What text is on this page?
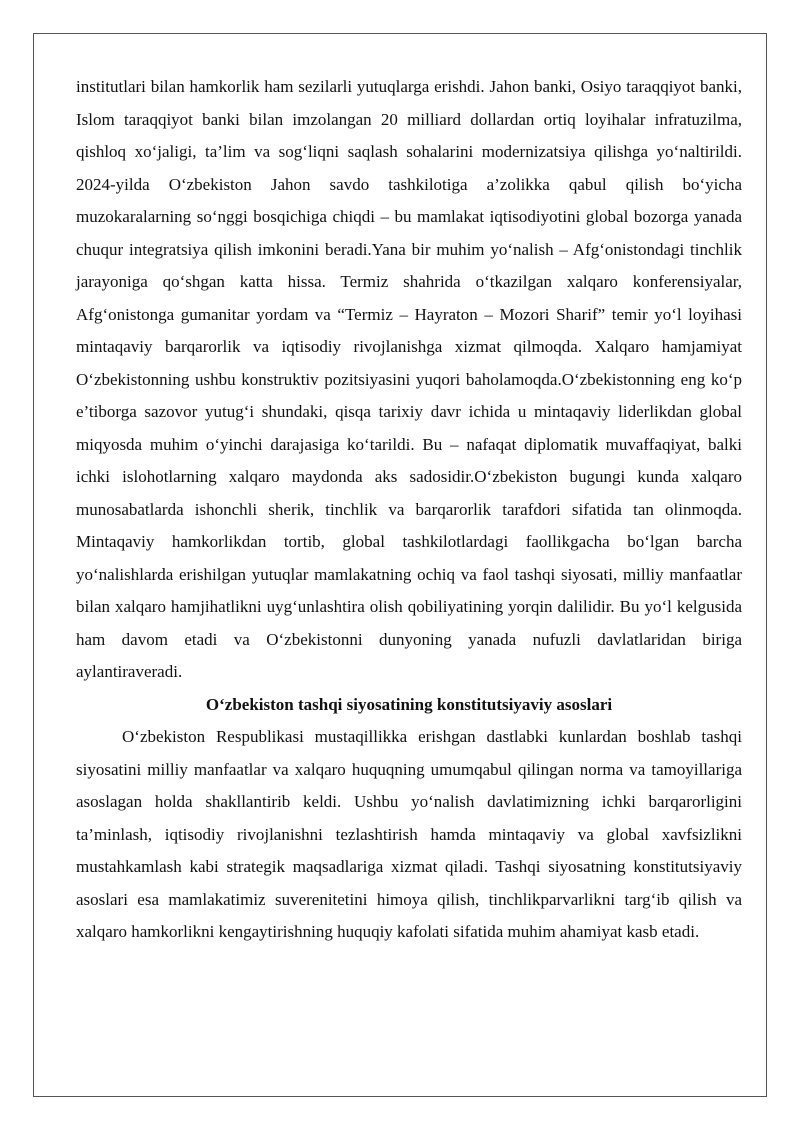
institutlari bilan hamkorlik ham sezilarli yutuqlarga erishdi. Jahon banki, Osiyo taraqqiyot banki, Islom taraqqiyot banki bilan imzolangan 20 milliard dollardan ortiq loyihalar infratuzilma, qishloq xo‘jaligi, ta’lim va sog‘liqni saqlash sohalarini modernizatsiya qilishga yo‘naltirildi. 2024-yilda O‘zbekiston Jahon savdo tashkilotiga a’zolikka qabul qilish bo‘yicha muzokaralarning so‘nggi bosqichiga chiqdi – bu mamlakat iqtisodiyotini global bozorga yanada chuqur integratsiya qilish imkonini beradi.Yana bir muhim yo‘nalish – Afg‘onistondagi tinchlik jarayoniga qo‘shgan katta hissa. Termiz shahrida o‘tkazilgan xalqaro konferensiyalar, Afg‘onistonga gumanitar yordam va “Termiz – Hayraton – Mozori Sharif” temir yo‘l loyihasi mintaqaviy barqarorlik va iqtisodiy rivojlanishga xizmat qilmoqda. Xalqaro hamjamiyat O‘zbekistonning ushbu konstruktiv pozitsiyasini yuqori baholamoqda.O‘zbekistonning eng ko‘p e’tiborga sazovor yutug‘i shundaki, qisqa tarixiy davr ichida u mintaqaviy liderlikdan global miqyosda muhim o‘yinchi darajasiga ko‘tarildi. Bu – nafaqat diplomatik muvaffaqiyat, balki ichki islohotlarning xalqaro maydonda aks sadosidir.O‘zbekiston bugungi kunda xalqaro munosabatlarda ishonchli sherik, tinchlik va barqarorlik tarafdori sifatida tan olinmoqda. Mintaqaviy hamkorlikdan tortib, global tashkilotlardagi faollikgacha bo‘lgan barcha yo‘nalishlarda erishilgan yutuqlar mamlakatning ochiq va faol tashqi siyosati, milliy manfaatlar bilan xalqaro hamjihatlikni uyg‘unlashtira olish qobiliyatining yorqin dalilidir. Bu yo‘l kelgusida ham davom etadi va O‘zbekistonni dunyoning yanada nufuzli davlatlaridan biriga aylantiraveradi.

O‘zbekiston tashqi siyosatining konstitutsiyaviy asoslari

O‘zbekiston Respublikasi mustaqillikka erishgan dastlabki kunlardan boshlab tashqi siyosatini milliy manfaatlar va xalqaro huquqning umumqabul qilingan norma va tamoyillariga asoslagan holda shakllantirib keldi. Ushbu yo‘nalish davlatimizning ichki barqarorligini ta’minlash, iqtisodiy rivojlanishni tezlashtirish hamda mintaqaviy va global xavfsizlikni mustahkamlash kabi strategik maqsadlariga xizmat qiladi. Tashqi siyosatning konstitutsiyaviy asoslari esa mamlakatimiz suverenitetini himoya qilish, tinchlikparvarlikni targ‘ib qilish va xalqaro hamkorlikni kengaytirishning huquqiy kafolati sifatida muhim ahamiyat kasb etadi.
